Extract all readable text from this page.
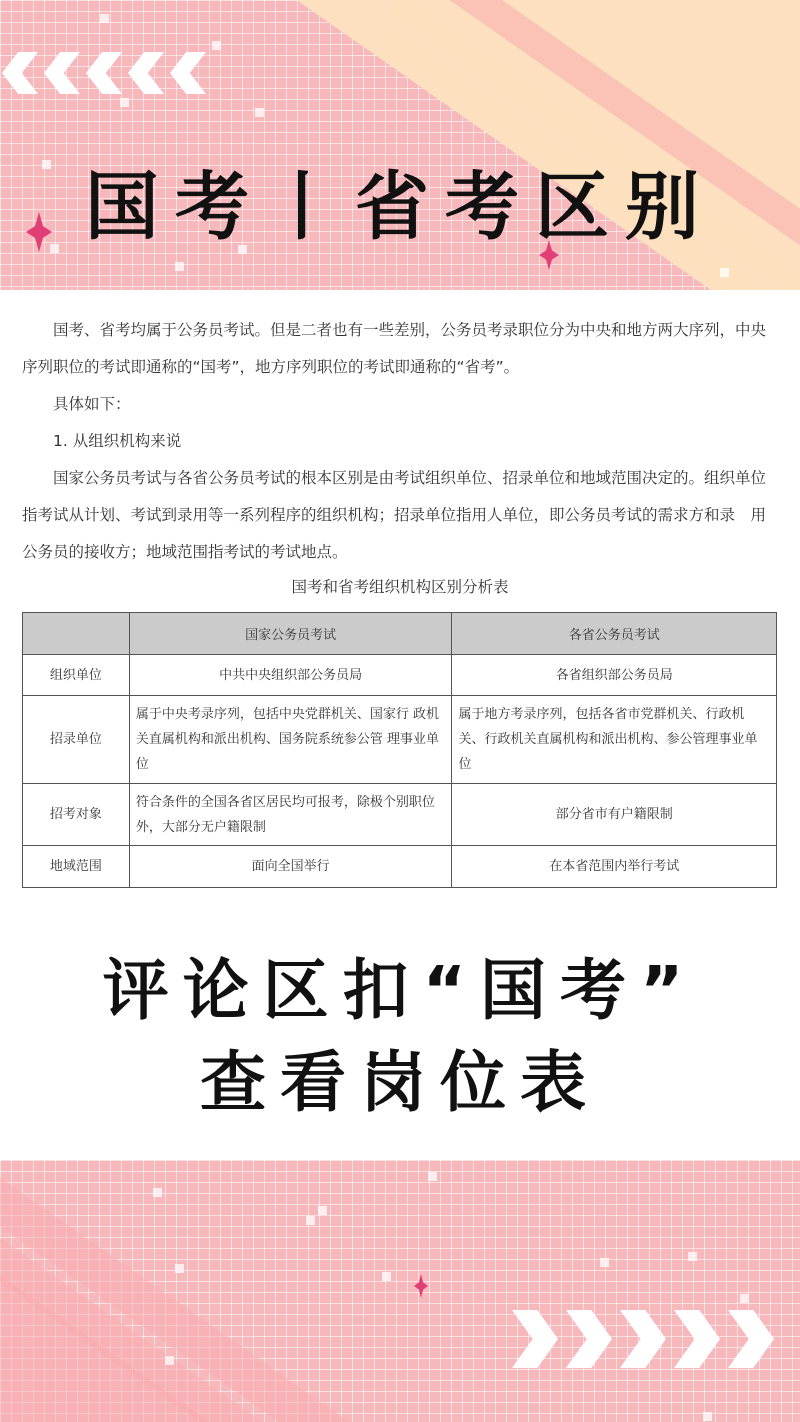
国考丨省考区别

国考、省考均属于公务员考试。但是二者也有一些差别，公务员考录职位分为中央和地方两大序列，中央序列职位的考试即通称的“国考”，地方序列职位的考试即通称的“省考”。

具体如下：

1. 从组织机构来说

国家公务员考试与各省公务员考试的根本区别是由考试组织单位、招录单位和地域范围决定的。组织单位指考试从计划、考试到录用等一系列程序的组织机构；招录单位指用人单位，即公务员考试的需求方和录　用公务员的接收方；地域范围指考试的考试地点。

国考和省考组织机构区别分析表

	国家公务员考试	各省公务员考试
组织单位	中共中央组织部公务员局	各省组织部公务员局
招录单位	属于中央考录序列，包括中央党群机关、国家行 政机关直属机构和派出机构、国务院系统参公管 理事业单位	属于地方考录序列，包括各省市党群机关、行政机关、行政机关直属机构和派出机构、参公管理事业单位
招考对象	符合条件的全国各省区居民均可报考，除极个别职位外，大部分无户籍限制	部分省市有户籍限制
地域范围	面向全国举行	在本省范围内举行考试
评论区扣“国考”
查看岗位表
